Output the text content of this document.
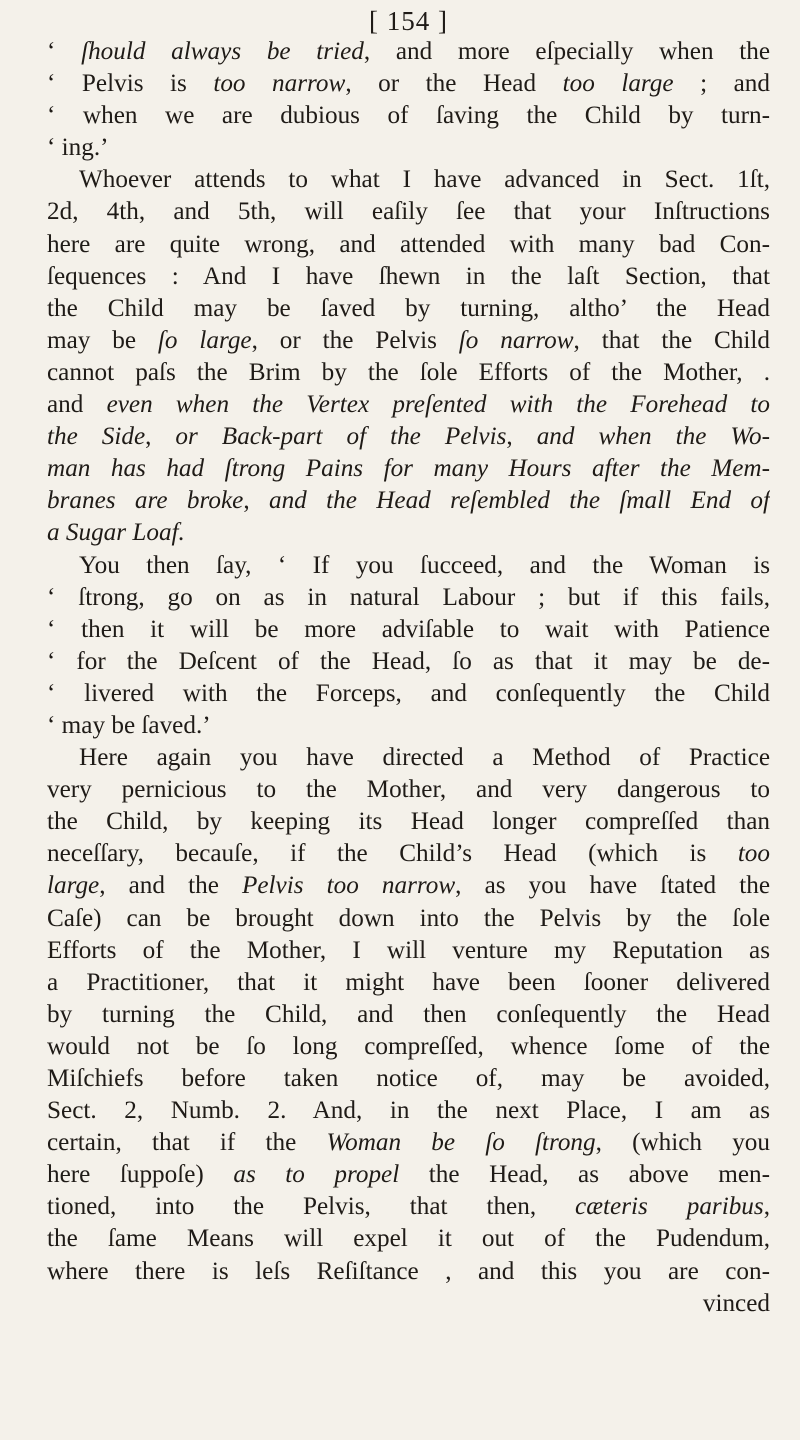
[ 154 ]
‘ ſhould always be tried, and more eſpecially when the
‘ Pelvis is too narrow, or the Head too large ; and
‘ when we are dubious of ſaving the Child by turn-
‘ ing.’
Whoever attends to what I have advanced in Sect. 1ſt,
2d, 4th, and 5th, will eaſily ſee that your Inſtructions
here are quite wrong, and attended with many bad Con-
ſequences : And I have ſhewn in the laſt Section, that
the Child may be ſaved by turning, altho’ the Head
may be ſo large, or the Pelvis ſo narrow, that the Child
cannot paſs the Brim by the ſole Efforts of the Mother, .
and even when the Vertex preſented with the Forehead to
the Side, or Back-part of the Pelvis, and when the Wo-
man has had ſtrong Pains for many Hours after the Mem-
branes are broke, and the Head reſembled the ſmall End of
a Sugar Loaf.
You then ſay, ‘ If you ſucceed, and the Woman is
‘ ſtrong, go on as in natural Labour ; but if this fails,
‘ then it will be more adviſable to wait with Patience
‘ for the Deſcent of the Head, ſo as that it may be de-
‘ livered with the Forceps, and conſequently the Child
‘ may be ſaved.’
Here again you have directed a Method of Practice
very pernicious to the Mother, and very dangerous to
the Child, by keeping its Head longer compreſſed than
neceſſary, becauſe, if the Child’s Head (which is too
large, and the Pelvis too narrow, as you have ſtated the
Caſe) can be brought down into the Pelvis by the ſole
Efforts of the Mother, I will venture my Reputation as
a Practitioner, that it might have been ſooner delivered
by turning the Child, and then conſequently the Head
would not be ſo long compreſſed, whence ſome of the
Miſchiefs before taken notice of, may be avoided,
Sect. 2, Numb. 2. And, in the next Place, I am as
certain, that if the Woman be ſo ſtrong, (which you
here ſuppoſe) as to propel the Head, as above men-
tioned, into the Pelvis, that then, cæteris paribus,
the ſame Means will expel it out of the Pudendum,
where there is leſs Reſiſtance , and this you are con-
vinced
